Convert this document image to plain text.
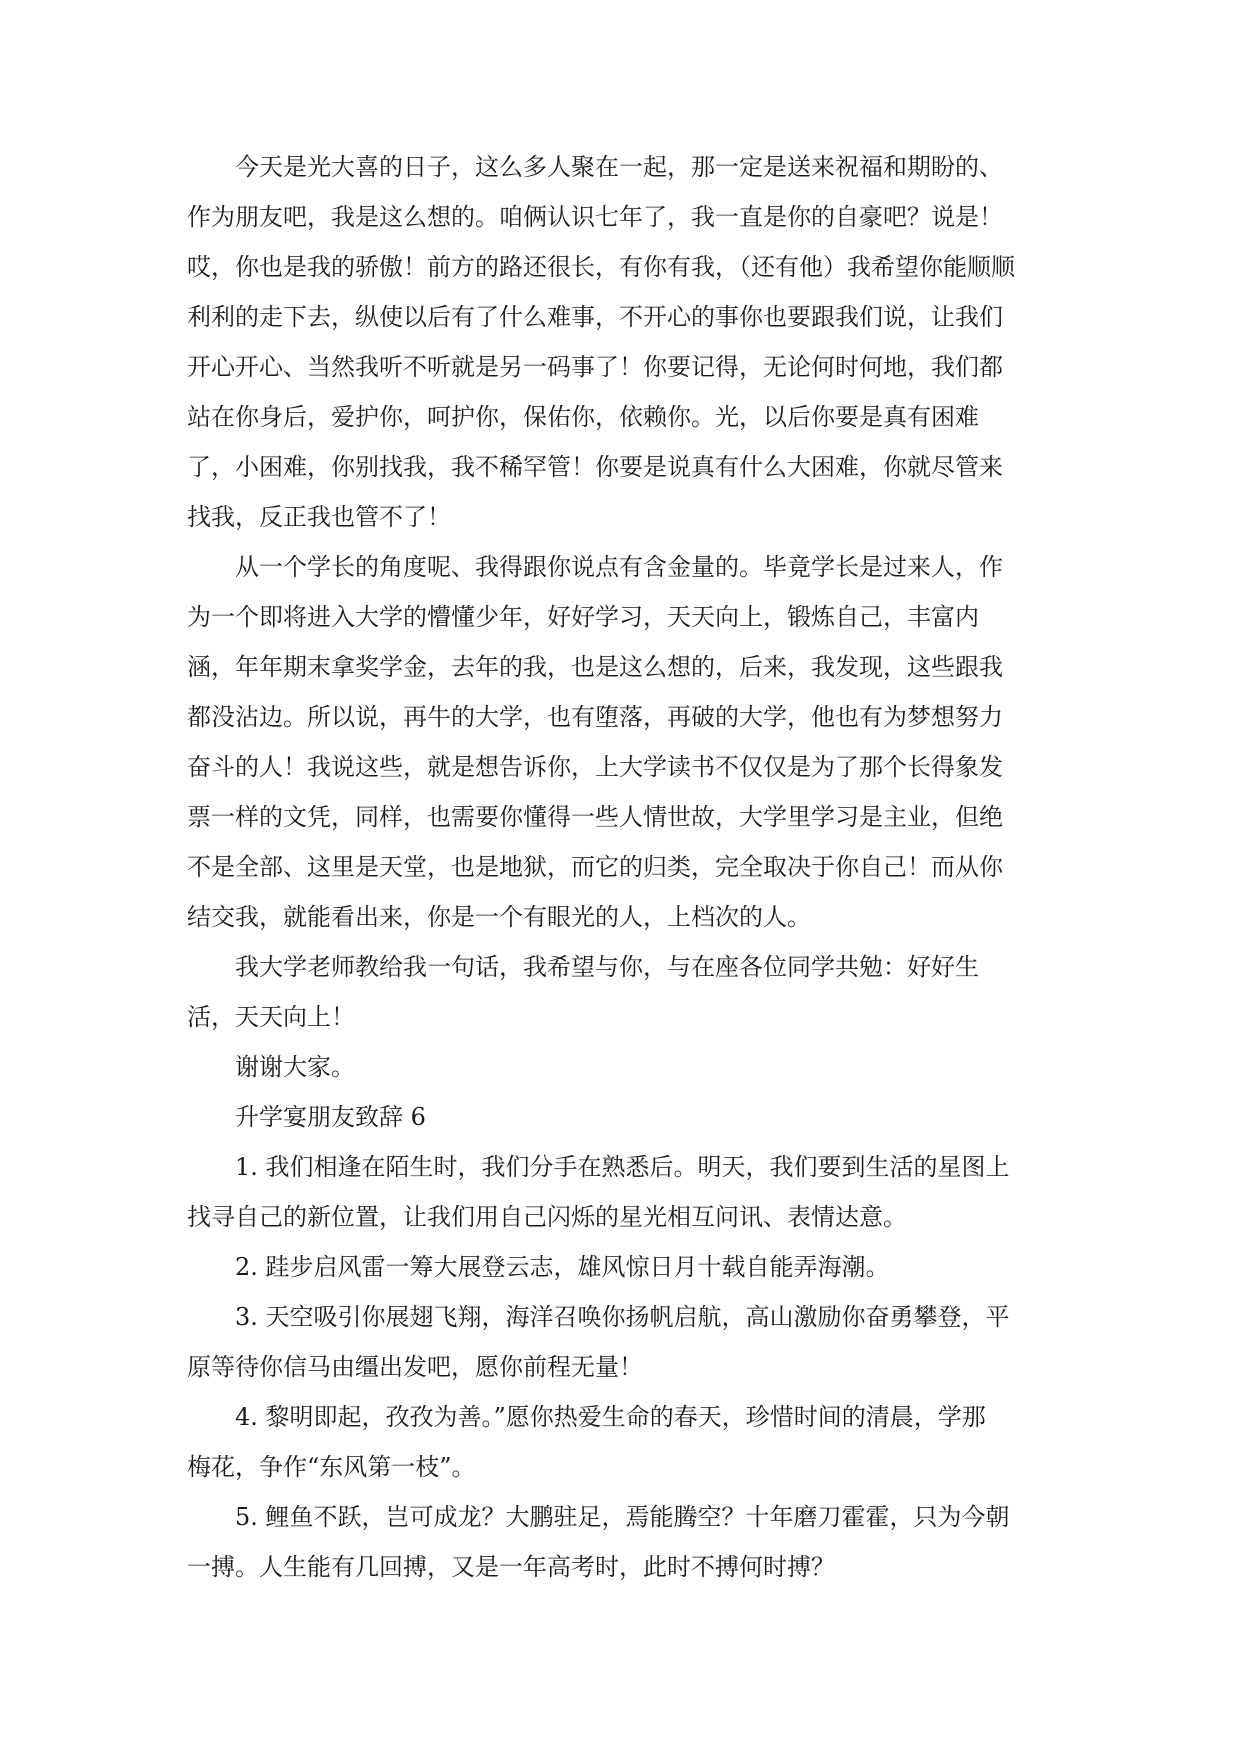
今天是光大喜的日子，这么多人聚在一起，那一定是送来祝福和期盼的、
作为朋友吧，我是这么想的。咱俩认识七年了，我一直是你的自豪吧？说是！
哎，你也是我的骄傲！前方的路还很长，有你有我，（还有他）我希望你能顺顺
利利的走下去，纵使以后有了什么难事，不开心的事你也要跟我们说，让我们
开心开心、当然我听不听就是另一码事了！你要记得，无论何时何地，我们都
站在你身后，爱护你，呵护你，保佑你，依赖你。光，以后你要是真有困难
了，小困难，你别找我，我不稀罕管！你要是说真有什么大困难，你就尽管来
找我，反正我也管不了！
从一个学长的角度呢、我得跟你说点有含金量的。毕竟学长是过来人，作
为一个即将进入大学的懵懂少年，好好学习，天天向上，锻炼自己，丰富内
涵，年年期末拿奖学金，去年的我，也是这么想的，后来，我发现，这些跟我
都没沾边。所以说，再牛的大学，也有堕落，再破的大学，他也有为梦想努力
奋斗的人！我说这些，就是想告诉你，上大学读书不仅仅是为了那个长得象发
票一样的文凭，同样，也需要你懂得一些人情世故，大学里学习是主业，但绝
不是全部、这里是天堂，也是地狱，而它的归类，完全取决于你自己！而从你
结交我，就能看出来，你是一个有眼光的人，上档次的人。
我大学老师教给我一句话，我希望与你，与在座各位同学共勉：好好生
活，天天向上！
谢谢大家。
升学宴朋友致辞 6
1. 我们相逢在陌生时，我们分手在熟悉后。明天，我们要到生活的星图上
找寻自己的新位置，让我们用自己闪烁的星光相互问讯、表情达意。
2. 跬步启风雷一筹大展登云志，雄风惊日月十载自能弄海潮。
3. 天空吸引你展翅飞翔，海洋召唤你扬帆启航，高山激励你奋勇攀登，平
原等待你信马由缰出发吧，愿你前程无量！
4. 黎明即起，孜孜为善。”愿你热爱生命的春天，珍惜时间的清晨，学那
梅花，争作“东风第一枝”。
5. 鲤鱼不跃，岂可成龙？大鹏驻足，焉能腾空？十年磨刀霍霍，只为今朝
一搏。人生能有几回搏，又是一年高考时，此时不搏何时搏？
